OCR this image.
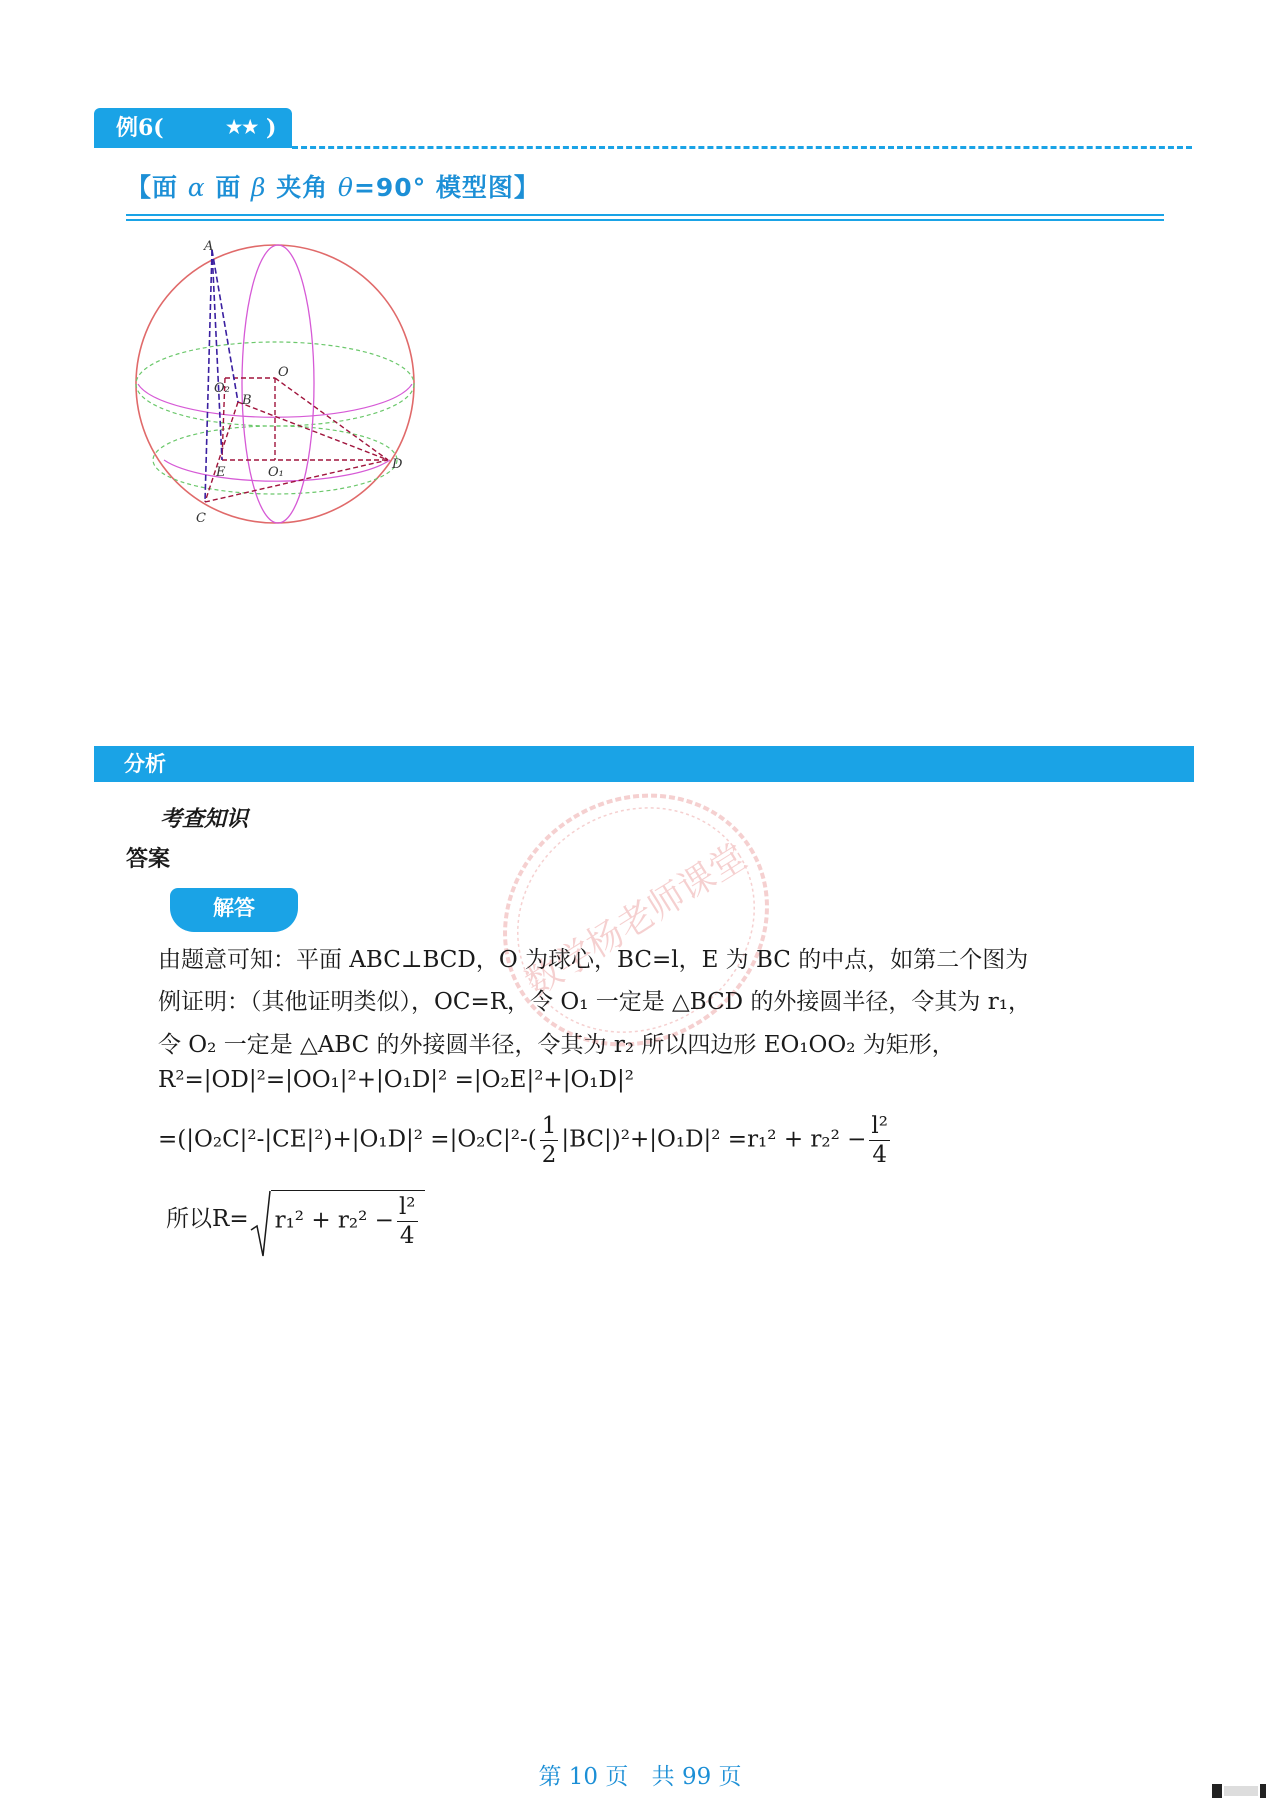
例6(	★★ )
【面 α 面 β 夹角 θ=90° 模型图】
A
O
O₂
B
E	O₁
D
C
分析
考查知识
答案
解答	数学杨老师课堂
由题意可知：平面 ABC⊥BCD，O 为球心，BC=l，E 为 BC 的中点，如第二个图为
例证明：（其他证明类似），OC=R，令 O₁ 一定是 △BCD 的外接圆半径，令其为 r₁，
令 O₂ 一定是 △ABC 的外接圆半径，令其为 r₂ 所以四边形 EO₁OO₂ 为矩形，
R²=|OD|²=|OO₁|²+|O₁D|² =|O₂E|²+|O₁D|²
$=(|O_2C|^2-|CE|^2)+|O_1D|^2 =|O_2C|^2-( \frac{1}{2} |BC|)^2+|O_1D|^2 =r_1^2 + r_2^2 - \frac{\text{l²}}{4}$
所以$R= r_1^2 + r_2^2 - \frac{\text{l²}}{4}$
第 10 页 共 99 页
